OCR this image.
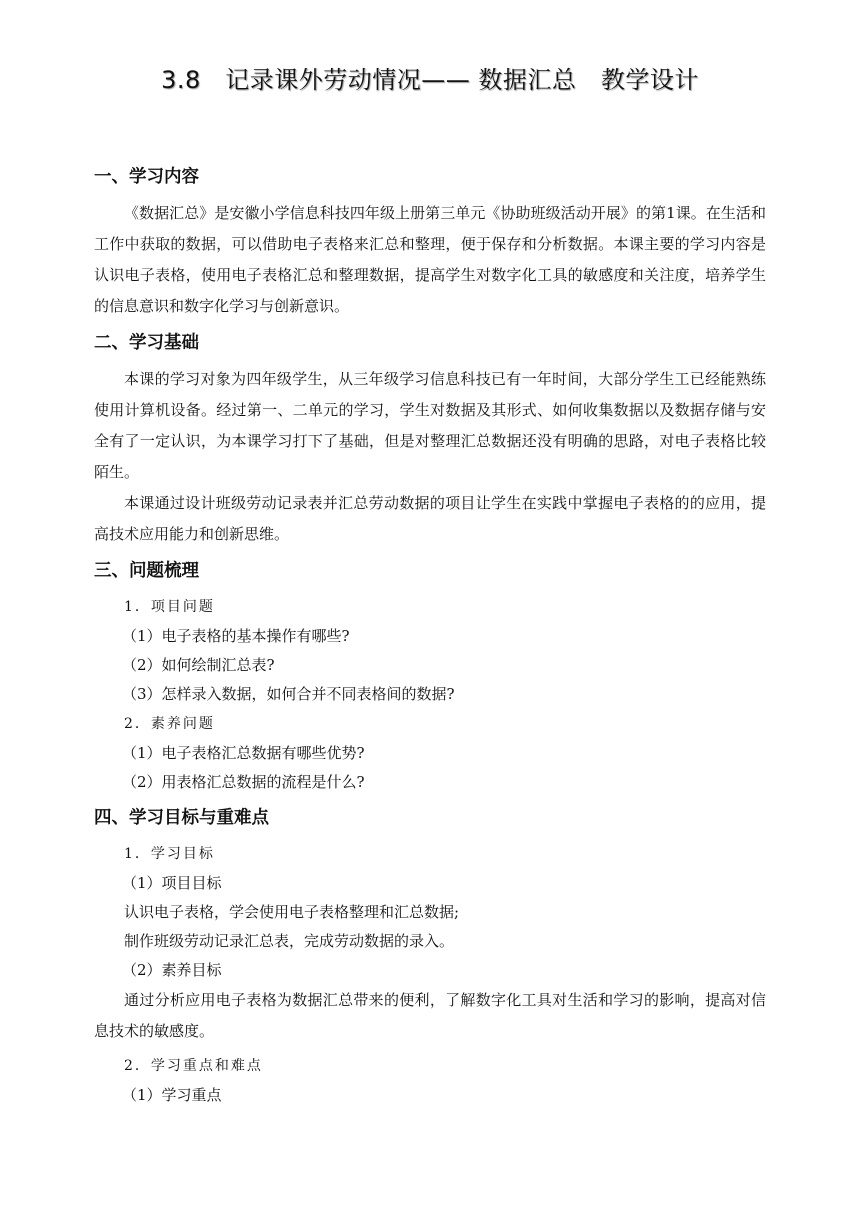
3.8　记录课外劳动情况—— 数据汇总　教学设计
一、学习内容

《数据汇总》是安徽小学信息科技四年级上册第三单元《协助班级活动开展》的第1课。在生活和工作中获取的数据，可以借助电子表格来汇总和整理，便于保存和分析数据。本课主要的学习内容是认识电子表格，使用电子表格汇总和整理数据，提高学生对数字化工具的敏感度和关注度，培养学生的信息意识和数字化学习与创新意识。

二、学习基础

本课的学习对象为四年级学生，从三年级学习信息科技已有一年时间，大部分学生工已经能熟练使用计算机设备。经过第一、二单元的学习，学生对数据及其形式、如何收集数据以及数据存储与安全有了一定认识，为本课学习打下了基础，但是对整理汇总数据还没有明确的思路，对电子表格比较陌生。

本课通过设计班级劳动记录表并汇总劳动数据的项目让学生在实践中掌握电子表格的的应用，提高技术应用能力和创新思维。

三、问题梳理
1．项目问题
（1）电子表格的基本操作有哪些?
（2）如何绘制汇总表?
（3）怎样录入数据，如何合并不同表格间的数据?
2．素养问题
（1）电子表格汇总数据有哪些优势?
（2）用表格汇总数据的流程是什么?
四、学习目标与重难点
1．学习目标
（1）项目目标
认识电子表格，学会使用电子表格整理和汇总数据;
制作班级劳动记录汇总表，完成劳动数据的录入。
（2）素养目标

通过分析应用电子表格为数据汇总带来的便利，了解数字化工具对生活和学习的影响，提高对信息技术的敏感度。

2．学习重点和难点
（1）学习重点
